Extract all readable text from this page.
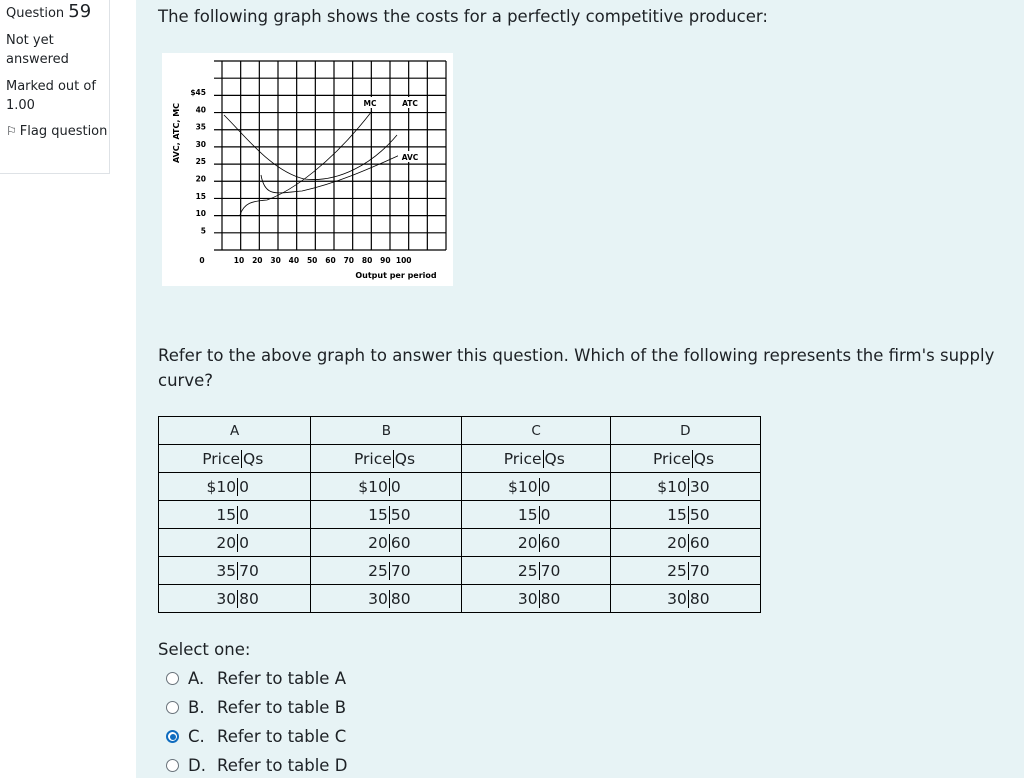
Question 59
Not yet answered
Marked out of 1.00
⚐ Flag question
The following graph shows the costs for a perfectly competitive producer:
AVC, ATC, MC
$45
40
35
30
25
20
15
10
5
0	10 20 30 40 50 60 70 80 90 100
Output per period
MC	ATC
AVC
Refer to the above graph to answer this question. Which of the following represents the firm's supply curve?
A	B	C	D
Price Qs	Price Qs	Price Qs	Price Qs
$10 0	$10 0	$10 0	$10 30
15 0	15 50	15 0	15 50
20 0	20 60	20 60	20 60
35 70	25 70	25 70	25 70
30 80	30 80	30 80	30 80
Select one:
A. Refer to table A
B. Refer to table B
C. Refer to table C
D. Refer to table D
